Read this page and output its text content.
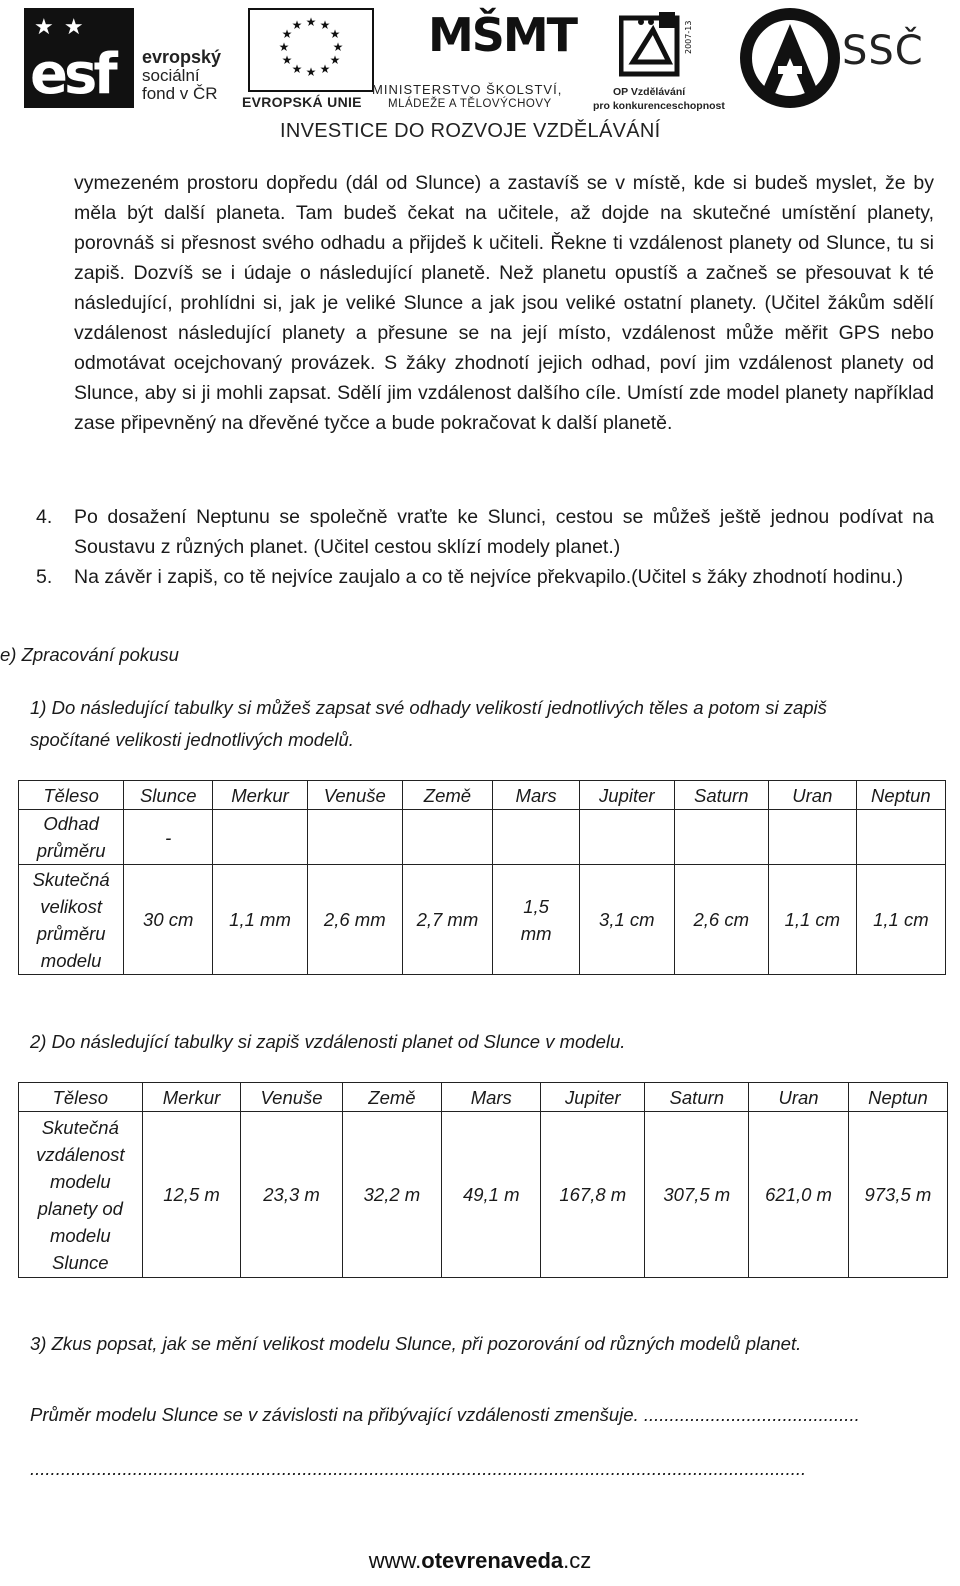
★ ★
esf evropský
sociální
fond v ČR
★ ★
★
★
★
★
★
★
★
★
★
★
EVROPSKÁ UNIE
MŠMT
MINISTERSTVO ŠKOLSTVÍ,
MLÁDEŽE A TĚLOVÝCHOVY
2007-13
OP Vzdělávání
pro konkurenceschopnost
SSČ
INVESTICE DO ROZVOJE VZDĚLÁVÁNÍ
vymezeném prostoru dopředu (dál od Slunce) a zastavíš se v místě, kde si budeš myslet, že by měla být další planeta. Tam budeš čekat na učitele, až dojde na skutečné umístění planety, porovnáš si přesnost svého odhadu a přijdeš k učiteli. Řekne ti vzdálenost planety od Slunce, tu si zapiš. Dozvíš se i údaje o následující planetě. Než planetu opustíš a začneš se přesouvat k té následující, prohlídni si, jak je veliké Slunce a jak jsou veliké ostatní planety. (Učitel žákům sdělí vzdálenost následující planety a přesune se na její místo, vzdálenost může měřit GPS nebo odmotávat ocejchovaný provázek. S žáky zhodnotí jejich odhad, poví jim vzdálenost planety od Slunce, aby si ji mohli zapsat. Sdělí jim vzdálenost dalšího cíle. Umístí zde model planety například zase připevněný na dřevěné tyčce a bude pokračovat k další planetě.
4.	Po dosažení Neptunu se společně vraťte ke Slunci, cestou se můžeš ještě jednou podívat na Soustavu z různých planet. (Učitel cestou sklízí modely planet.)
5.	Na závěr i zapiš, co tě nejvíce zaujalo a co tě nejvíce překvapilo.(Učitel s žáky zhodnotí hodinu.)
e) Zpracování pokusu
1) Do následující tabulky si můžeš zapsat své odhady velikostí jednotlivých těles a potom si zapiš
spočítané velikosti jednotlivých modelů.
Těleso	Slunce	Merkur	Venuše	Země	Mars	Jupiter	Saturn	Uran	Neptun
Odhad průměru	-								
Skutečná velikost průměru modelu	30 cm	1,1 mm	2,6 mm	2,7 mm	1,5 mm	3,1 cm	2,6 cm	1,1 cm	1,1 cm
2) Do následující tabulky si zapiš vzdálenosti planet od Slunce v modelu.
Těleso	Merkur	Venuše	Země	Mars	Jupiter	Saturn	Uran	Neptun
Skutečná vzdálenost modelu planety od modelu Slunce	12,5 m	23,3 m	32,2 m	49,1 m	167,8 m	307,5 m	621,0 m	973,5 m
3) Zkus popsat, jak se mění velikost modelu Slunce, při pozorování od různých modelů planet.
Průměr modelu Slunce se v závislosti na přibývající vzdálenosti zmenšuje. ..........................................
.......................................................................................................................................................
www.otevrenaveda.cz
